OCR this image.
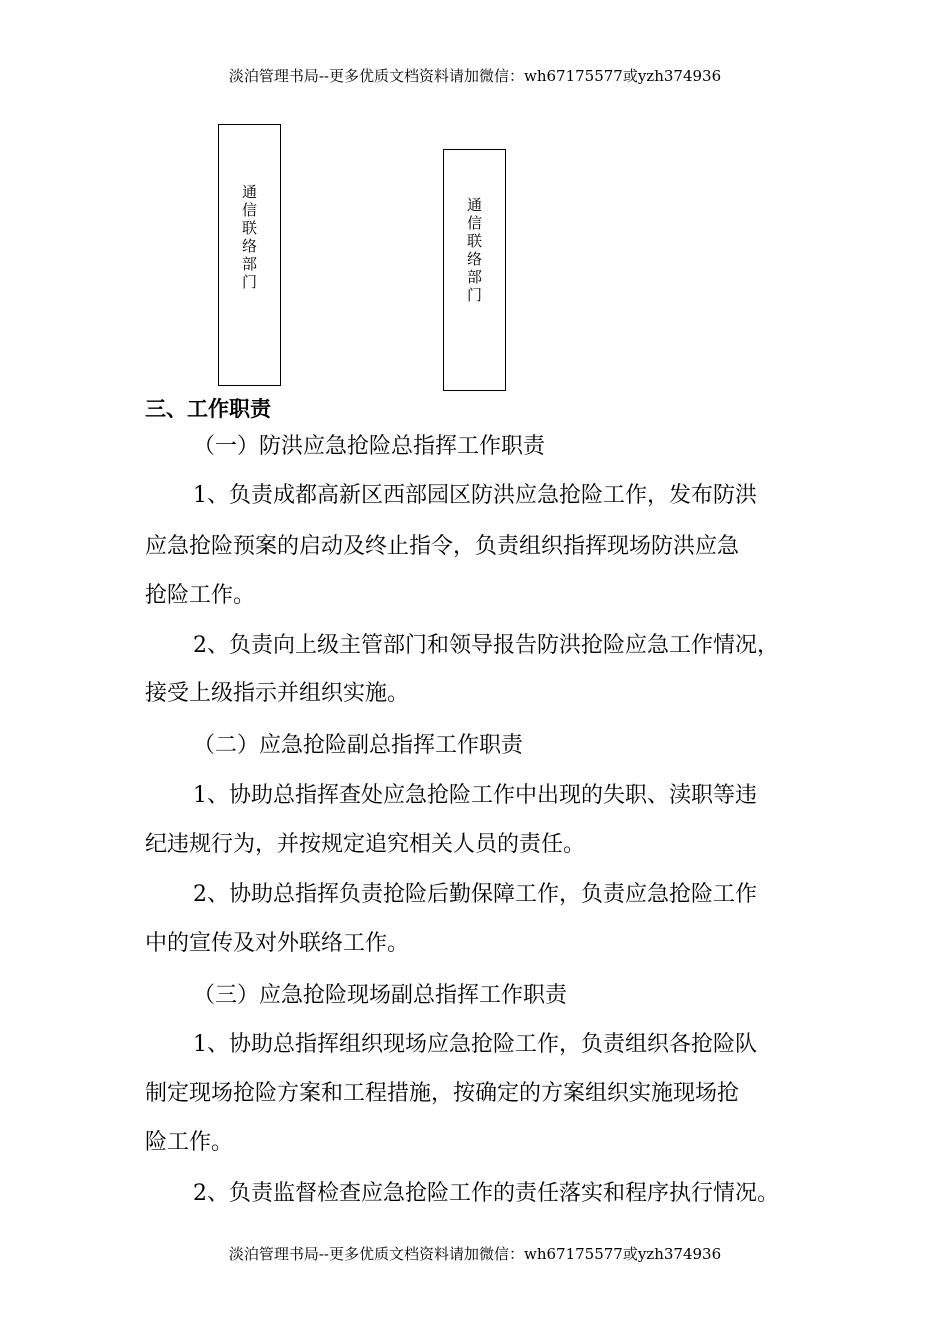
淡泊管理书局--更多优质文档资料请加微信：wh67175577或yzh374936
通信联络部门
通信联络部门
三、工作职责
（一）防洪应急抢险总指挥工作职责
1、负责成都高新区西部园区防洪应急抢险工作，发布防洪
应急抢险预案的启动及终止指令，负责组织指挥现场防洪应急
抢险工作。
2、负责向上级主管部门和领导报告防洪抢险应急工作情况，
接受上级指示并组织实施。
（二）应急抢险副总指挥工作职责
1、协助总指挥查处应急抢险工作中出现的失职、渎职等违
纪违规行为，并按规定追究相关人员的责任。
2、协助总指挥负责抢险后勤保障工作，负责应急抢险工作
中的宣传及对外联络工作。
（三）应急抢险现场副总指挥工作职责
1、协助总指挥组织现场应急抢险工作，负责组织各抢险队
制定现场抢险方案和工程措施，按确定的方案组织实施现场抢
险工作。
2、负责监督检查应急抢险工作的责任落实和程序执行情况。
淡泊管理书局--更多优质文档资料请加微信：wh67175577或yzh374936
